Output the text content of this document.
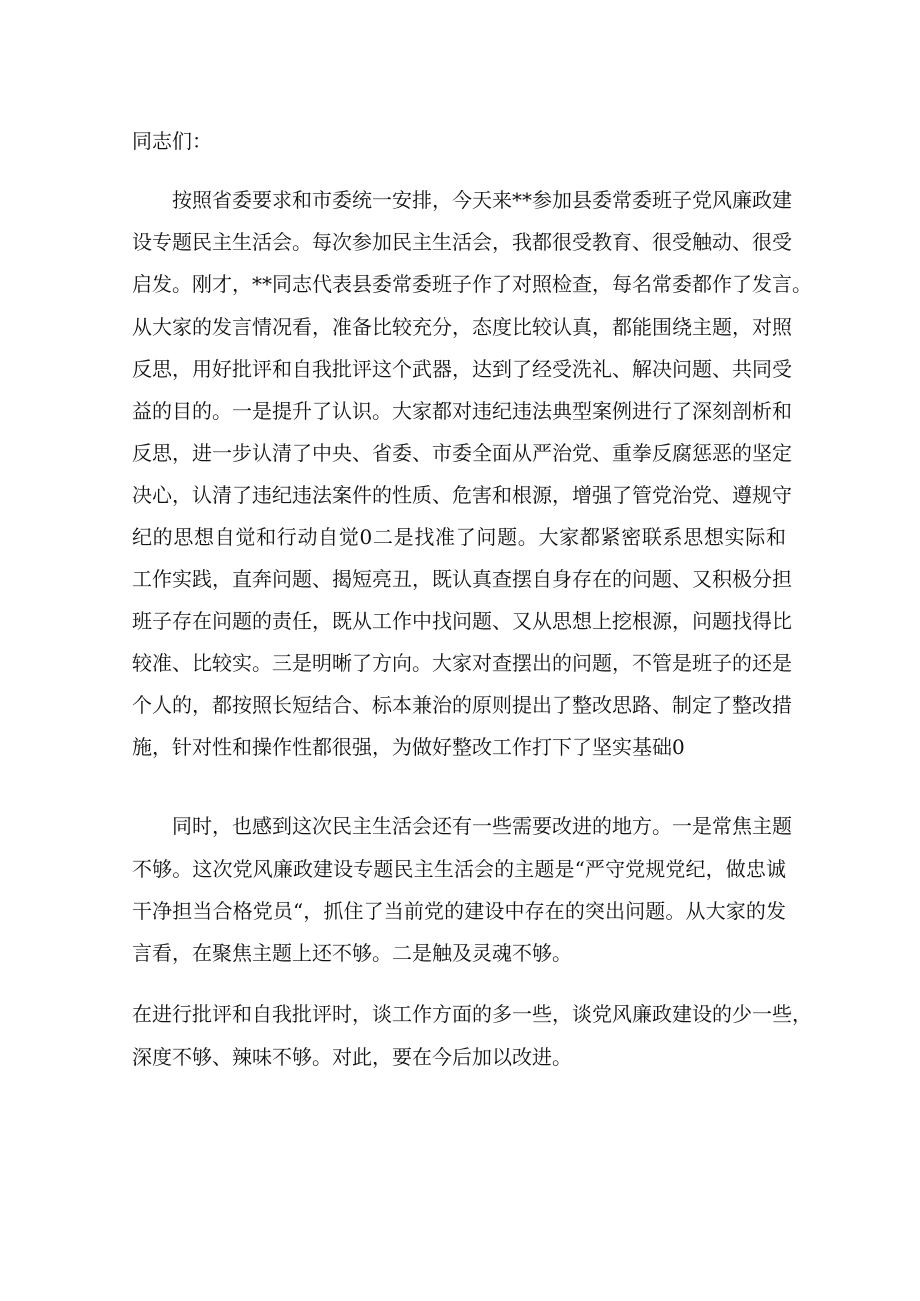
同志们：
按照省委要求和市委统一安排，今天来**参加县委常委班子党风廉政建
设专题民主生活会。每次参加民主生活会，我都很受教育、很受触动、很受
启发。刚才，**同志代表县委常委班子作了对照检查，每名常委都作了发言。
从大家的发言情况看，准备比较充分，态度比较认真，都能围绕主题，对照
反思，用好批评和自我批评这个武器，达到了经受洗礼、解决问题、共同受
益的目的。一是提升了认识。大家都对违纪违法典型案例进行了深刻剖析和
反思，进一步认清了中央、省委、市委全面从严治党、重拳反腐惩恶的坚定
决心，认清了违纪违法案件的性质、危害和根源，增强了管党治党、遵规守
纪的思想自觉和行动自觉0二是找准了问题。大家都紧密联系思想实际和
工作实践，直奔问题、揭短亮丑，既认真查摆自身存在的问题、又积极分担
班子存在问题的责任，既从工作中找问题、又从思想上挖根源，问题找得比
较准、比较实。三是明晰了方向。大家对查摆出的问题，不管是班子的还是
个人的，都按照长短结合、标本兼治的原则提出了整改思路、制定了整改措
施，针对性和操作性都很强，为做好整改工作打下了坚实基础0
同时，也感到这次民主生活会还有一些需要改进的地方。一是常焦主题
不够。这次党风廉政建设专题民主生活会的主题是“严守党规党纪，做忠诚
干净担当合格党员“，抓住了当前党的建设中存在的突出问题。从大家的发
言看，在聚焦主题上还不够。二是触及灵魂不够。
在进行批评和自我批评时，谈工作方面的多一些，谈党风廉政建设的少一些，
深度不够、辣味不够。对此，要在今后加以改进。
